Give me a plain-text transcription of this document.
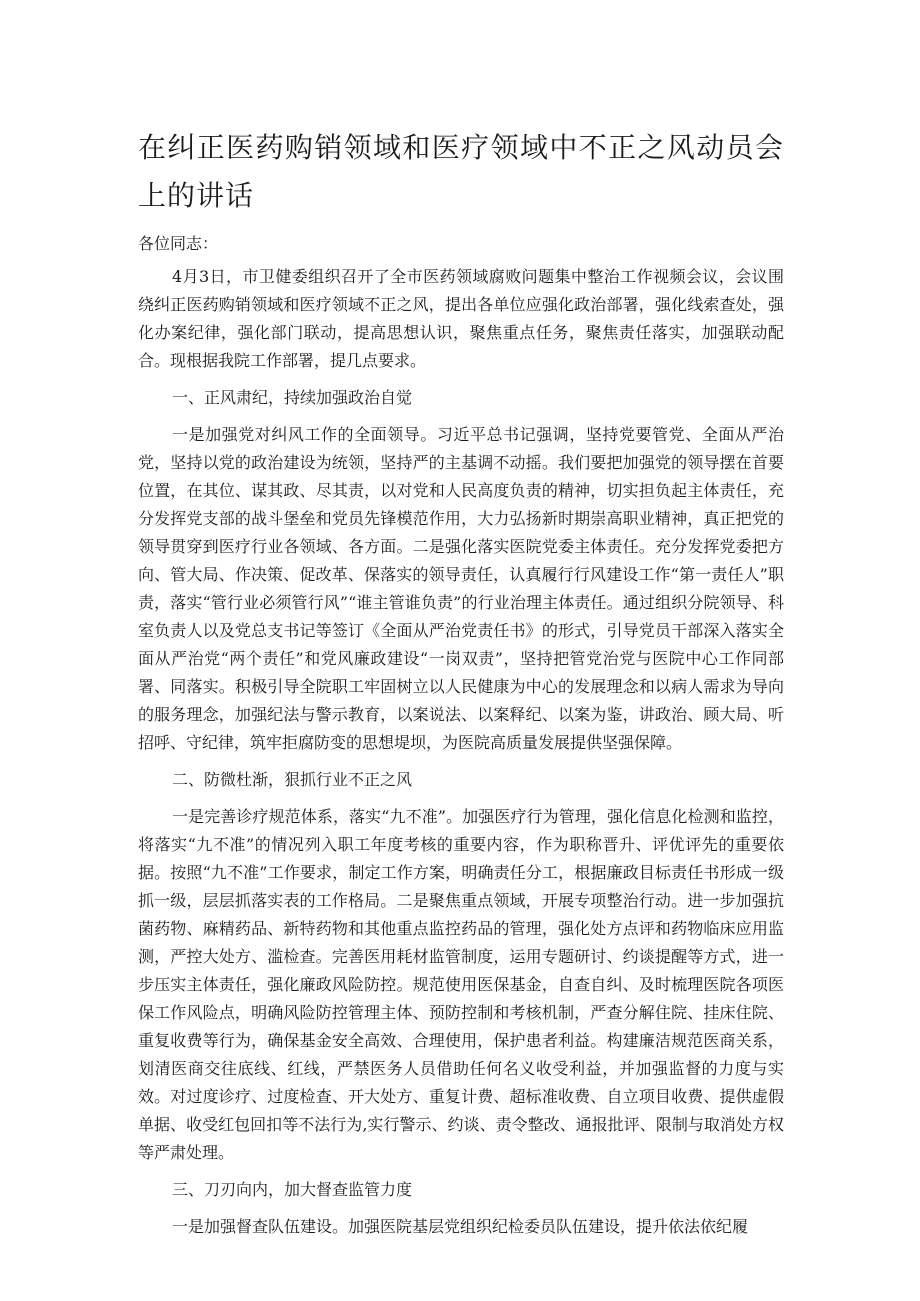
在纠正医药购销领域和医疗领域中不正之风动员会上的讲话

各位同志：

4月3日，市卫健委组织召开了全市医药领域腐败问题集中整治工作视频会议，会议围绕纠正医药购销领域和医疗领域不正之风，提出各单位应强化政治部署，强化线索查处，强化办案纪律，强化部门联动，提高思想认识，聚焦重点任务，聚焦责任落实，加强联动配合。现根据我院工作部署，提几点要求。

一、正风肃纪，持续加强政治自觉

一是加强党对纠风工作的全面领导。习近平总书记强调，坚持党要管党、全面从严治党，坚持以党的政治建设为统领，坚持严的主基调不动摇。我们要把加强党的领导摆在首要位置，在其位、谋其政、尽其责，以对党和人民高度负责的精神，切实担负起主体责任，充分发挥党支部的战斗堡垒和党员先锋模范作用，大力弘扬新时期崇高职业精神，真正把党的领导贯穿到医疗行业各领域、各方面。二是强化落实医院党委主体责任。充分发挥党委把方向、管大局、作决策、促改革、保落实的领导责任，认真履行行风建设工作“第一责任人”职责，落实“管行业必须管行风”“谁主管谁负责”的行业治理主体责任。通过组织分院领导、科室负责人以及党总支书记等签订《全面从严治党责任书》的形式，引导党员干部深入落实全面从严治党“两个责任”和党风廉政建设“一岗双责”，坚持把管党治党与医院中心工作同部署、同落实。积极引导全院职工牢固树立以人民健康为中心的发展理念和以病人需求为导向的服务理念，加强纪法与警示教育，以案说法、以案释纪、以案为鉴，讲政治、顾大局、听招呼、守纪律，筑牢拒腐防变的思想堤坝，为医院高质量发展提供坚强保障。

二、防微杜渐，狠抓行业不正之风

一是完善诊疗规范体系，落实“九不准”。加强医疗行为管理，强化信息化检测和监控，将落实“九不准”的情况列入职工年度考核的重要内容，作为职称晋升、评优评先的重要依据。按照“九不准”工作要求，制定工作方案，明确责任分工，根据廉政目标责任书形成一级抓一级，层层抓落实表的工作格局。二是聚焦重点领域，开展专项整治行动。进一步加强抗菌药物、麻精药品、新特药物和其他重点监控药品的管理，强化处方点评和药物临床应用监测，严控大处方、滥检查。完善医用耗材监管制度，运用专题研讨、约谈提醒等方式，进一步压实主体责任，强化廉政风险防控。规范使用医保基金，自查自纠、及时梳理医院各项医保工作风险点，明确风险防控管理主体、预防控制和考核机制，严查分解住院、挂床住院、重复收费等行为，确保基金安全高效、合理使用，保护患者利益。构建廉洁规范医商关系，划清医商交往底线、红线，严禁医务人员借助任何名义收受利益，并加强监督的力度与实效。对过度诊疗、过度检查、开大处方、重复计费、超标准收费、自立项目收费、提供虚假单据、收受红包回扣等不法行为,实行警示、约谈、责令整改、通报批评、限制与取消处方权等严肃处理。

三、刀刃向内，加大督查监管力度

一是加强督查队伍建设。加强医院基层党组织纪检委员队伍建设，提升依法依纪履
